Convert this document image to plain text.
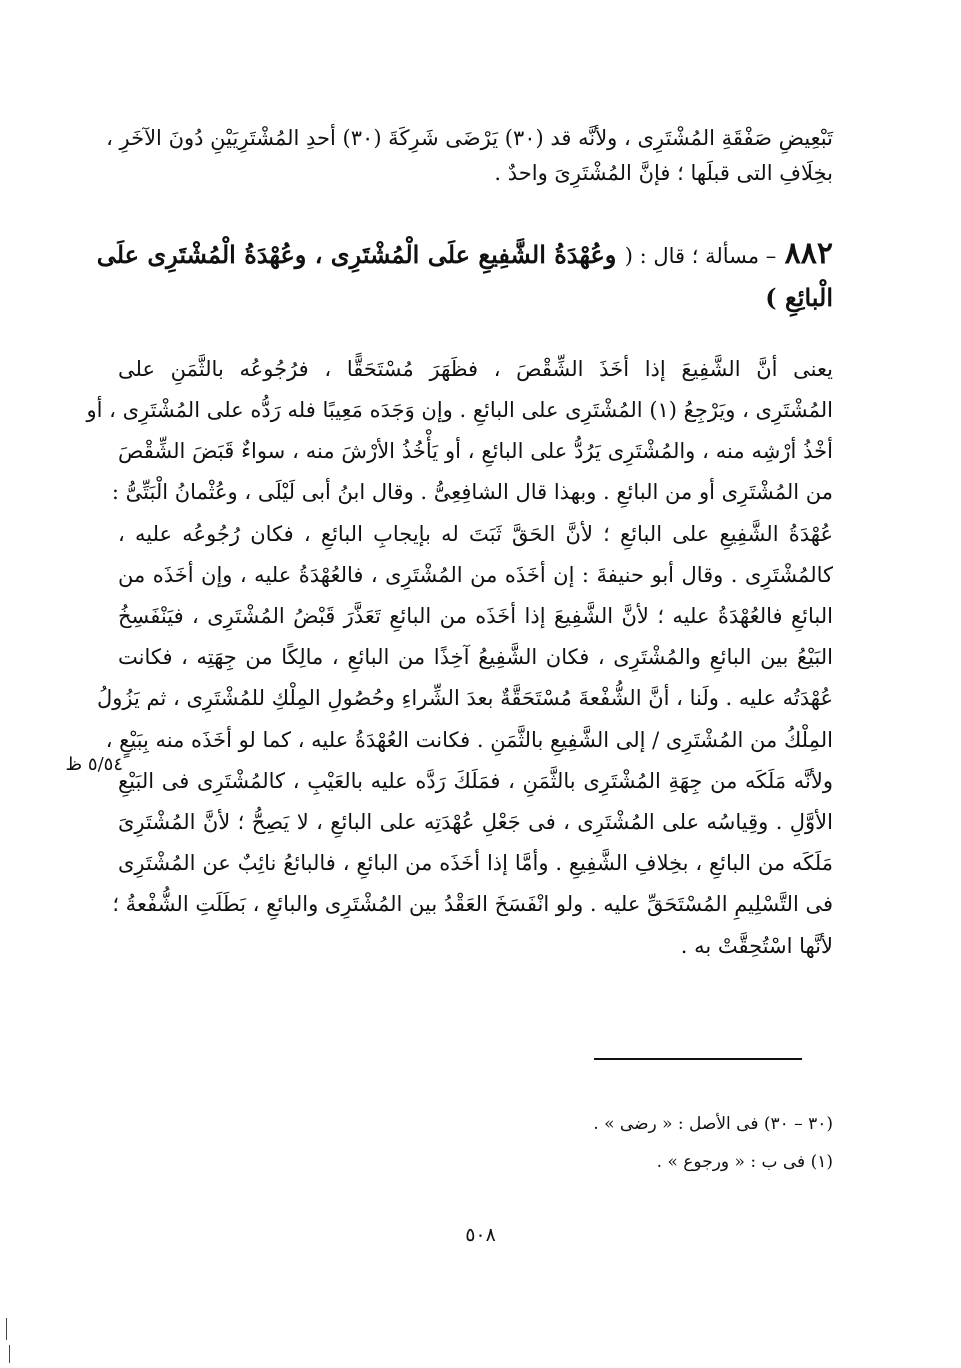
تَبْعِيضِ صَفْقَةِ المُشْتَرِى ، ولأنَّه قد (٣٠) يَرْضَى شَرِكَةَ (٣٠) أحدِ المُشْتَرِيَيْنِ دُونَ الآخَرِ ،
بخِلَافِ التى قبلَها ؛ فإنَّ المُشْتَرِىَ واحدٌ .
٨٨٢ – مسألة ؛ قال : ( وعُهْدَةُ الشَّفِيعِ علَى الْمُشْتَرِى ، وعُهْدَةُ الْمُشْتَرِى علَى
الْبائِعِ )
يعنى أنَّ الشَّفِيعَ إذا أخَذَ الشِّقْصَ ، فظَهَرَ مُسْتَحَقًّا ، فرُجُوعُه بالثَّمَنِ على
المُشْتَرِى ، ويَرْجِعُ (١) المُشْتَرِى على البائعِ . وإن وَجَدَه مَعِيبًا فله رَدُّه على المُشْتَرِى ، أو
أخْذُ أرْشِه منه ، والمُشْتَرِى يَرُدُّ على البائعِ ، أو يَأْخُذُ الأرْشَ منه ، سواءٌ قَبَضَ الشِّقْصَ
من المُشْتَرِى أو من البائعِ . وبهذا قال الشافِعِىُّ . وقال ابنُ أبى لَيْلَى ، وعُثْمانُ الْبَتِّىُّ :
عُهْدَةُ الشَّفِيعِ على البائعِ ؛ لأنَّ الحَقَّ ثَبَتَ له بإيجابِ البائعِ ، فكان رُجُوعُه عليه ،
كالمُشْتَرِى . وقال أبو حنيفةَ : إن أخَذَه من المُشْتَرِى ، فالعُهْدَةُ عليه ، وإن أخَذَه من
البائعِ فالعُهْدَةُ عليه ؛ لأنَّ الشَّفِيعَ إذا أخَذَه من البائعِ تَعَذَّرَ قَبْضُ المُشْتَرِى ، فيَنْفَسِخُ
البَيْعُ بين البائعِ والمُشْتَرِى ، فكان الشَّفِيعُ آخِذًا من البائعِ ، مالِكًا من جِهَتِه ، فكانت
عُهْدَتُه عليه . ولَنا ، أنَّ الشُّفْعةَ مُسْتَحَقَّةٌ بعدَ الشِّراءِ وحُصُولِ المِلْكِ للمُشْتَرِى ، ثم يَزُولُ
المِلْكُ من المُشْتَرِى / إلى الشَّفِيعِ بالثَّمَنِ . فكانت العُهْدَةُ عليه ، كما لو أخَذَه منه بِبَيْعٍ ،
ولأنَّه مَلَكَه من جِهَةِ المُشْتَرِى بالثَّمَنِ ، فمَلَكَ رَدَّه عليه بالعَيْبِ ، كالمُشْتَرِى فى البَيْعِ
الأوَّلِ . وقِياسُه على المُشْتَرِى ، فى جَعْلِ عُهْدَتِه على البائعِ ، لا يَصِحُّ ؛ لأنَّ المُشْتَرِىَ
مَلَكَه من البائعِ ، بخِلافِ الشَّفِيعِ . وأمَّا إذا أخَذَه من البائعِ ، فالبائعُ نائِبٌ عن المُشْتَرِى
فى التَّسْلِيمِ المُسْتَحَقِّ عليه . ولو انْفَسَخَ العَقْدُ بين المُشْتَرِى والبائعِ ، بَطَلَتِ الشُّفْعةُ ؛
لأنَّها اسْتُحِقَّتْ به .
٥/٥٤ ظ
(٣٠ – ٣٠) فى الأصل : « رضى » .
(١) فى ب : « ورجوع » .
٥٠٨
